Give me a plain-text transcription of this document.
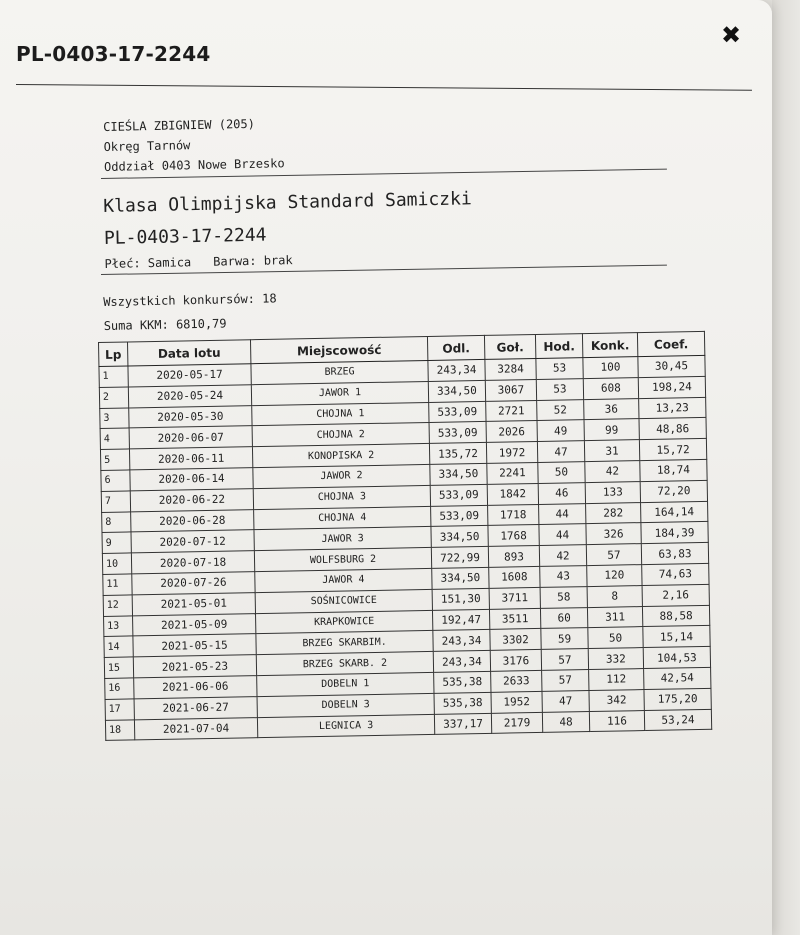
PL-0403-17-2244
✖
CIEŚLA ZBIGNIEW (205)
Okręg Tarnów
Oddział 0403 Nowe Brzesko
Klasa Olimpijska Standard Samiczki
PL-0403-17-2244
Płeć: Samica Barwa: brak
Wszystkich konkursów: 18
Suma KKM: 6810,79
Lp	Data lotu	Miejscowość	Odl.	Goł.	Hod.	Konk.	Coef.
1	2020-05-17	BRZEG	243,34	3284	53	100	30,45
2	2020-05-24	JAWOR 1	334,50	3067	53	608	198,24
3	2020-05-30	CHOJNA 1	533,09	2721	52	36	13,23
4	2020-06-07	CHOJNA 2	533,09	2026	49	99	48,86
5	2020-06-11	KONOPISKA 2	135,72	1972	47	31	15,72
6	2020-06-14	JAWOR 2	334,50	2241	50	42	18,74
7	2020-06-22	CHOJNA 3	533,09	1842	46	133	72,20
8	2020-06-28	CHOJNA 4	533,09	1718	44	282	164,14
9	2020-07-12	JAWOR 3	334,50	1768	44	326	184,39
10	2020-07-18	WOLFSBURG 2	722,99	893	42	57	63,83
11	2020-07-26	JAWOR 4	334,50	1608	43	120	74,63
12	2021-05-01	SOŚNICOWICE	151,30	3711	58	8	2,16
13	2021-05-09	KRAPKOWICE	192,47	3511	60	311	88,58
14	2021-05-15	BRZEG SKARBIM.	243,34	3302	59	50	15,14
15	2021-05-23	BRZEG SKARB. 2	243,34	3176	57	332	104,53
16	2021-06-06	DOBELN 1	535,38	2633	57	112	42,54
17	2021-06-27	DOBELN 3	535,38	1952	47	342	175,20
18	2021-07-04	LEGNICA 3	337,17	2179	48	116	53,24
